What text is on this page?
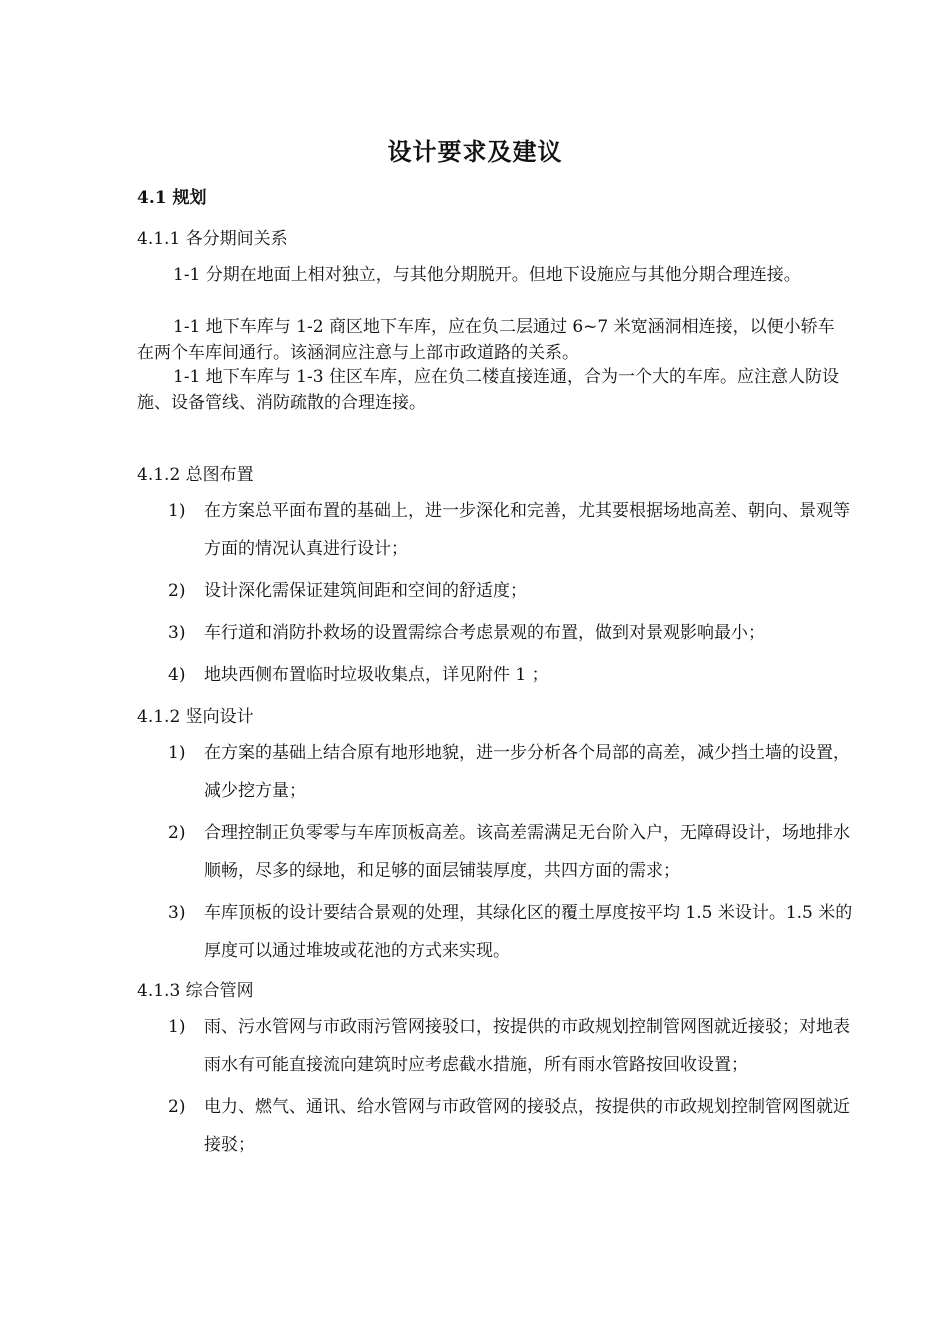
设计要求及建议
4.1 规划
4.1.1 各分期间关系

1-1 分期在地面上相对独立，与其他分期脱开。但地下设施应与其他分期合理连接。

1-1 地下车库与 1-2 商区地下车库，应在负二层通过 6~7 米宽涵洞相连接，以便小轿车在两个车库间通行。该涵洞应注意与上部市政道路的关系。

1-1 地下车库与 1-3 住区车库，应在负二楼直接连通，合为一个大的车库。应注意人防设施、设备管线、消防疏散的合理连接。

4.1.2 总图布置
1)	在方案总平面布置的基础上，进一步深化和完善，尤其要根据场地高差、朝向、景观等方面的情况认真进行设计；
2)	设计深化需保证建筑间距和空间的舒适度；
3)	车行道和消防扑救场的设置需综合考虑景观的布置，做到对景观影响最小；
4)	地块西侧布置临时垃圾收集点，详见附件 1 ；
4.1.2 竖向设计
1)	在方案的基础上结合原有地形地貌，进一步分析各个局部的高差，减少挡土墙的设置，减少挖方量；
2)	合理控制正负零零与车库顶板高差。该高差需满足无台阶入户，无障碍设计，场地排水顺畅，尽多的绿地，和足够的面层铺装厚度，共四方面的需求；
3)	车库顶板的设计要结合景观的处理，其绿化区的覆土厚度按平均 1.5 米设计。1.5 米的厚度可以通过堆坡或花池的方式来实现。
4.1.3 综合管网
1)	雨、污水管网与市政雨污管网接驳口，按提供的市政规划控制管网图就近接驳；对地表雨水有可能直接流向建筑时应考虑截水措施，所有雨水管路按回收设置；
2)	电力、燃气、通讯、给水管网与市政管网的接驳点，按提供的市政规划控制管网图就近接驳；
